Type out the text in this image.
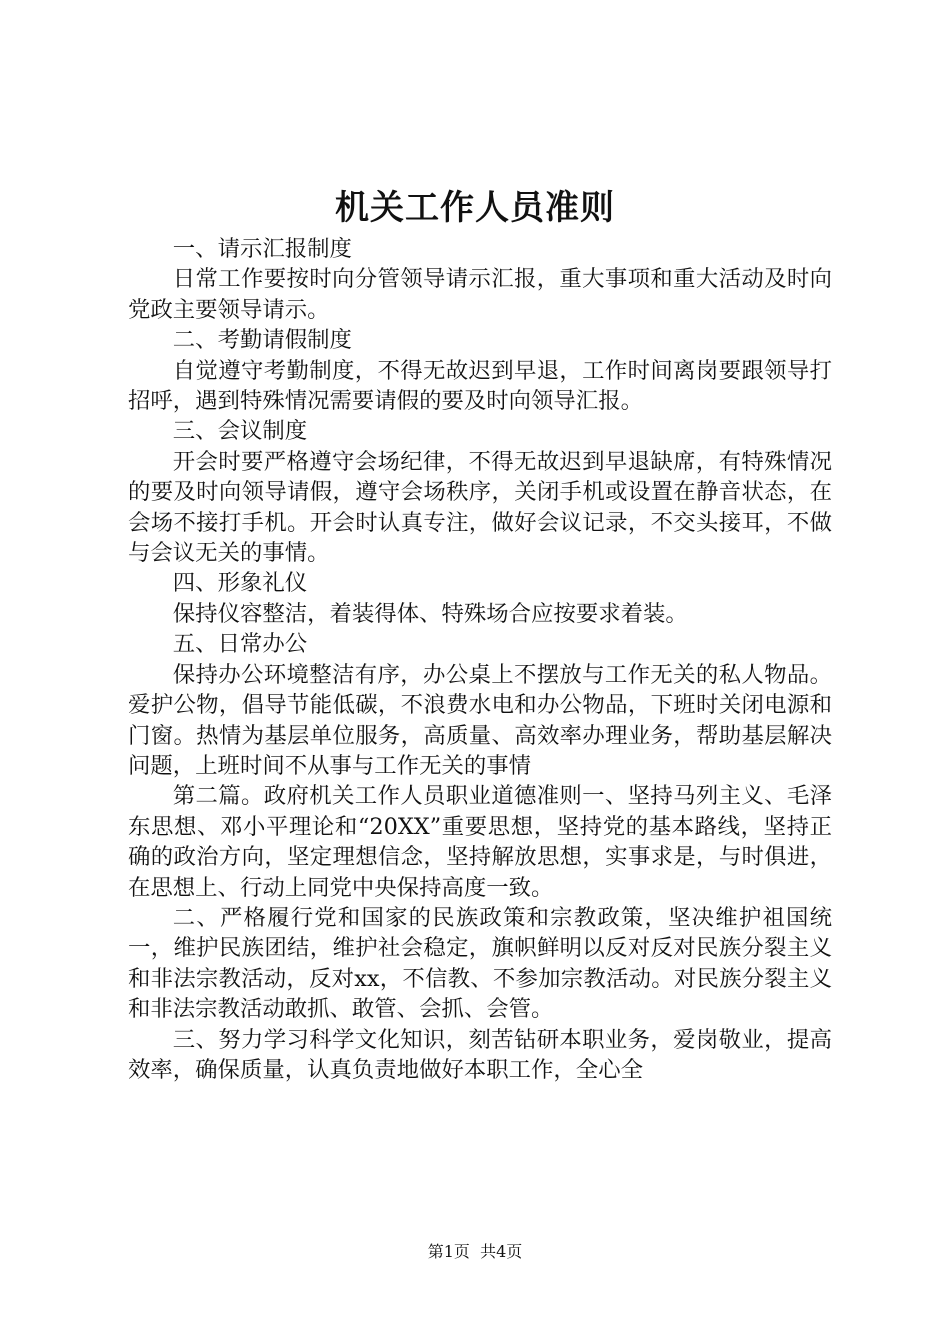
机关工作人员准则

一、请示汇报制度

日常工作要按时向分管领导请示汇报，重大事项和重大活动及时向党政主要领导请示。

二、考勤请假制度

自觉遵守考勤制度，不得无故迟到早退，工作时间离岗要跟领导打招呼，遇到特殊情况需要请假的要及时向领导汇报。

三、会议制度

开会时要严格遵守会场纪律，不得无故迟到早退缺席，有特殊情况的要及时向领导请假，遵守会场秩序，关闭手机或设置在静音状态，在会场不接打手机。开会时认真专注，做好会议记录，不交头接耳，不做与会议无关的事情。

四、形象礼仪

保持仪容整洁，着装得体、特殊场合应按要求着装。

五、日常办公

保持办公环境整洁有序，办公桌上不摆放与工作无关的私人物品。爱护公物，倡导节能低碳，不浪费水电和办公物品，下班时关闭电源和门窗。热情为基层单位服务，高质量、高效率办理业务，帮助基层解决问题，上班时间不从事与工作无关的事情

第二篇。政府机关工作人员职业道德准则一、坚持马列主义、毛泽东思想、邓小平理论和“20XX”重要思想，坚持党的基本路线，坚持正确的政治方向，坚定理想信念，坚持解放思想，实事求是，与时俱进，在思想上、行动上同党中央保持高度一致。

二、严格履行党和国家的民族政策和宗教政策，坚决维护祖国统一，维护民族团结，维护社会稳定，旗帜鲜明以反对反对民族分裂主义和非法宗教活动，反对xx，不信教、不参加宗教活动。对民族分裂主义和非法宗教活动敢抓、敢管、会抓、会管。

三、努力学习科学文化知识，刻苦钻研本职业务，爱岗敬业，提高效率，确保质量，认真负责地做好本职工作，全心全

第1页 共4页
